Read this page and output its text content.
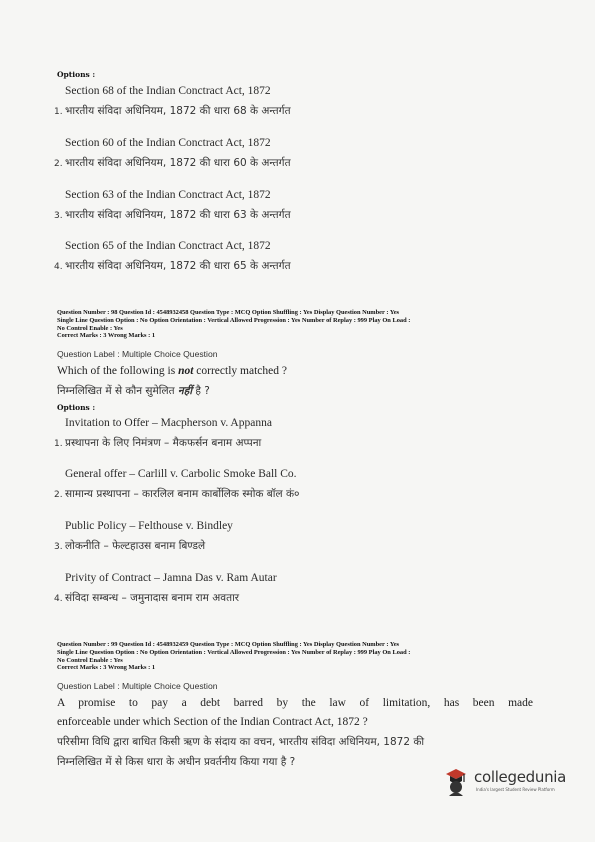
Options :
1.
Section 68 of the Indian Conctract Act, 1872
भारतीय संविदा अधिनियम, 1872 की धारा 68 के अन्तर्गत
2.
Section 60 of the Indian Conctract Act, 1872
भारतीय संविदा अधिनियम, 1872 की धारा 60 के अन्तर्गत
3.
Section 63 of the Indian Conctract Act, 1872
भारतीय संविदा अधिनियम, 1872 की धारा 63 के अन्तर्गत
4.
Section 65 of the Indian Conctract Act, 1872
भारतीय संविदा अधिनियम, 1872 की धारा 65 के अन्तर्गत
Question Number : 98 Question Id : 4548932458 Question Type : MCQ Option Shuffling : Yes Display Question Number : Yes
Single Line Question Option : No Option Orientation : Vertical Allowed Progression : Yes Number of Replay : 999 Play On Load :
No Control Enable : Yes
Correct Marks : 3 Wrong Marks : 1
Question Label : Multiple Choice Question
Which of the following is not correctly matched ?
निम्नलिखित में से कौन सुमेलित नहीं है ?
Options :
1.
Invitation to Offer – Macpherson v. Appanna
प्रस्थापना के लिए निमंत्रण – मैकफर्सन बनाम अप्पना
2.
General offer – Carlill v. Carbolic Smoke Ball Co.
सामान्य प्रस्थापना – कारलिल बनाम कार्बोलिक स्मोक बॉल कं०
3.
Public Policy – Felthouse v. Bindley
लोकनीति – फेल्टहाउस बनाम बिण्डले
4.
Privity of Contract – Jamna Das v. Ram Autar
संविदा सम्बन्ध – जमुनादास बनाम राम अवतार
Question Number : 99 Question Id : 4548932459 Question Type : MCQ Option Shuffling : Yes Display Question Number : Yes
Single Line Question Option : No Option Orientation : Vertical Allowed Progression : Yes Number of Replay : 999 Play On Load :
No Control Enable : Yes
Correct Marks : 3 Wrong Marks : 1
Question Label : Multiple Choice Question
A promise to pay a debt barred by the law of limitation, has been made
enforceable under which Section of the Indian Contract Act, 1872 ?
परिसीमा विधि द्वारा बाधित किसी ऋण के संदाय का वचन, भारतीय संविदा अधिनियम, 1872 की
निम्नलिखित में से किस धारा के अधीन प्रवर्तनीय किया गया है ?
collegedunia
India's largest Student Review Platform
